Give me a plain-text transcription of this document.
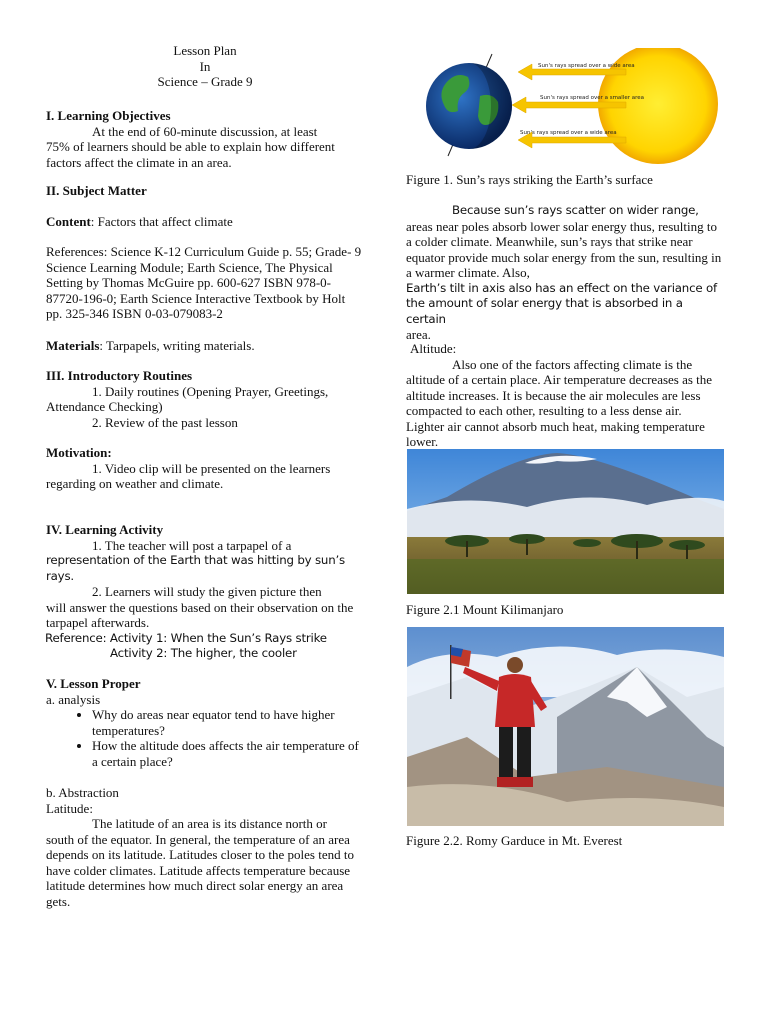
Lesson Plan
In
Science – Grade 9
I. Learning Objectives
At the end of 60-minute discussion, at least
75% of learners should be able to explain how different factors affect the climate in an area.
II. Subject Matter
Content: Factors that affect climate
References: Science K-12 Curriculum Guide p. 55; Grade- 9 Science Learning Module; Earth Science, The Physical Setting by Thomas McGuire pp. 600-627 ISBN 978-0-87720-196-0; Earth Science Interactive Textbook by Holt pp. 325-346 ISBN 0-03-079083-2
Materials: Tarpapels, writing materials.
III. Introductory Routines
1. Daily routines (Opening Prayer, Greetings,
Attendance Checking)
2. Review of the past lesson
Motivation:
1. Video clip will be presented on the learners
regarding on weather and climate.
IV. Learning Activity
1. The teacher will post a tarpapel of a
representation of the Earth that was hitting by sun’s rays.
2. Learners will study the given picture then
will answer the questions based on their observation on the tarpapel afterwards.
Reference: Activity 1: When the Sun’s Rays strike
Activity 2: The higher, the cooler
V. Lesson Proper
a. analysis
• Why do areas near equator tend to have higher temperatures?
• How the altitude does affects the air temperature of a certain place?
b. Abstraction
Latitude:
The latitude of an area is its distance north or
south of the equator. In general, the temperature of an area depends on its latitude. Latitudes closer to the poles tend to have colder climates. Latitude affects temperature because latitude determines how much direct solar energy an area gets.
Sun's rays spread over a wide area
Sun's rays spread over a smaller area
Sun's rays spread over a wide area
Figure 1. Sun’s rays striking the Earth’s surface
Because sun’s rays scatter on wider range,
areas near poles absorb lower solar energy thus, resulting to a colder climate. Meanwhile, sun’s rays that strike near equator provide much solar energy from the sun, resulting in a warmer climate. Also,
Earth’s tilt in axis also has an effect on the variance of the amount of solar energy that is absorbed in a certain
area.
Altitude:
Also one of the factors affecting climate is the
altitude of a certain place. Air temperature decreases as the altitude increases. It is because the air molecules are less compacted to each other, resulting to a less dense air. Lighter air cannot absorb much heat, making temperature lower.
Figure 2.1 Mount Kilimanjaro
Figure 2.2. Romy Garduce in Mt. Everest
